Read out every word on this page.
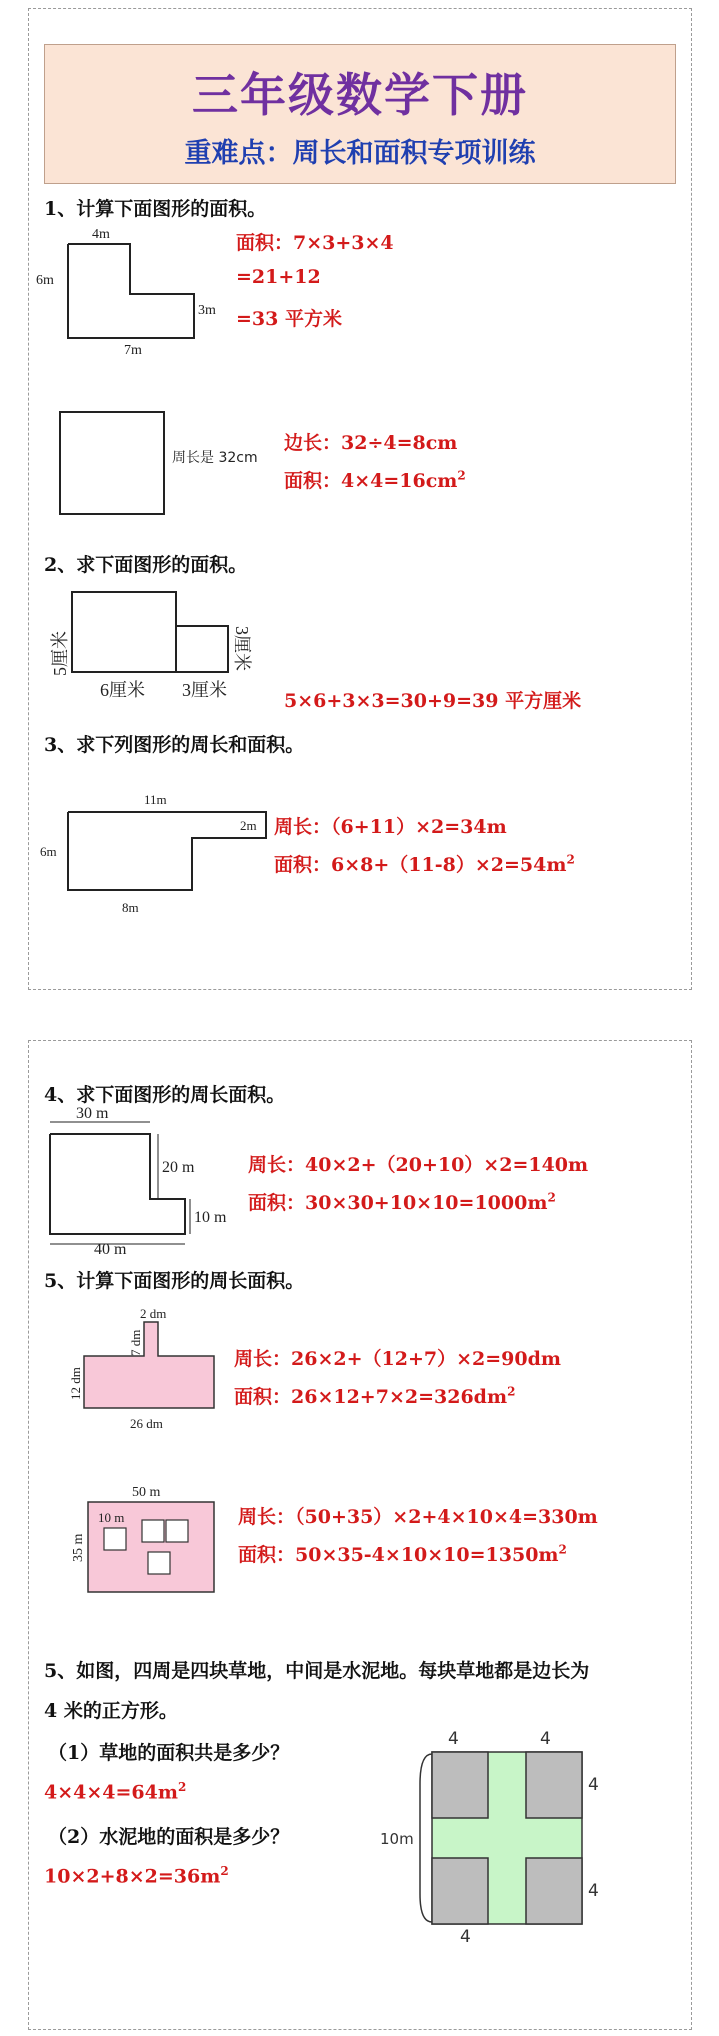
三年级数学下册
重难点：周长和面积专项训练
1、计算下面图形的面积。
4m
6m
3m
7m
面积：7×3+3×4
=21+12
=33 平方米
周长是 32cm
边长：32÷4=8cm
面积：$4\times 4=16cm^2$
2、求下面图形的面积。
5厘米	3厘米
6厘米 3厘米	5×6+3×3=30+9=39 平方厘米
3、求下列图形的周长和面积。
11m
6m
2m
8m
周长：（6+11）×2=34m
面积：$6\times 8+(11-8)\times 2=54m^2$
4、求下面图形的周长面积。
30 m
20 m
10 m
40 m
周长：40×2+（20+10）×2=140m
面积：$30\times 30+10\times 10=1000m^2$
5、计算下面图形的周长面积。
2 dm
7 dm
12 dm
26 dm
周长：26×2+（12+7）×2=90dm
面积：$26\times 12+7\times 2=326dm^2$
50 m
35 m
10 m	周长：（50+35）×2+4×10×4=330m
面积：$50\times 35-4\times 10\times 10=1350m^2$
5、如图，四周是四块草地，中间是水泥地。每块草地都是边长为
4 米的正方形。
（1）草地的面积共是多少？
$4\times 4\times 4=64m^2$
（2）水泥地的面积是多少？
$10\times 2+8\times 2=36m^2$
4	4
4
4
10m
4
